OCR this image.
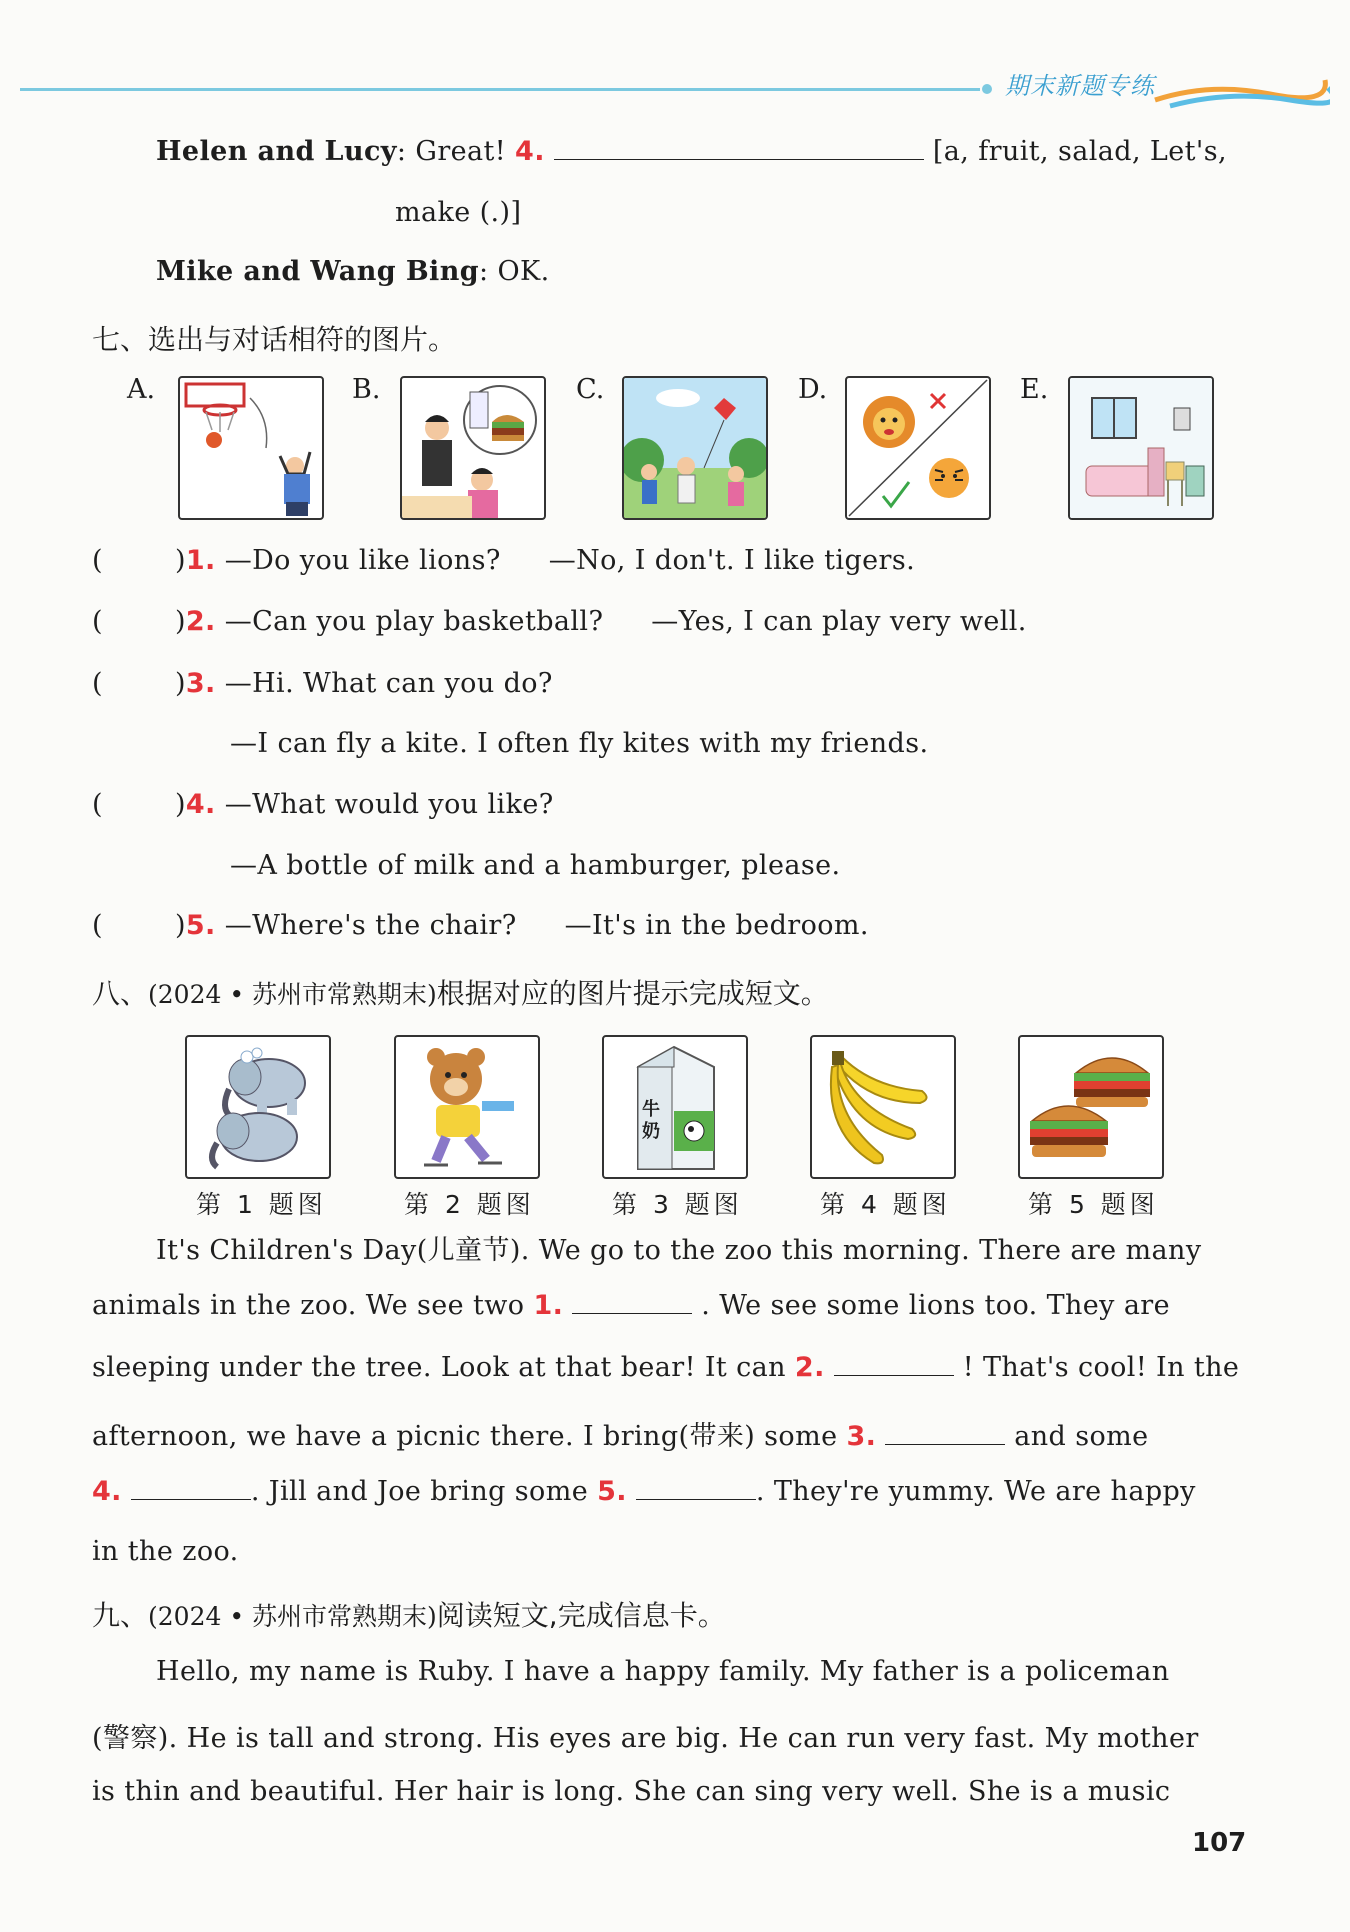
期末新题专练
Helen and Lucy: Great! 4.	[a, fruit, salad, Let's,
make (.)]
Mike and Wang Bing: OK.
七、选出与对话相符的图片。
A.	B.	C.	D.	E.
(	)1. —Do you like lions? —No, I don't. I like tigers.
(	)2. —Can you play basketball? —Yes, I can play very well.
(	)3. —Hi. What can you do?
—I can fly a kite. I often fly kites with my friends.
(	)4. —What would you like?
—A bottle of milk and a hamburger, please.
(	)5. —Where's the chair? —It's in the bedroom.
八、(2024 • 苏州市常熟期末)根据对应的图片提示完成短文。
牛奶
第 1 题图	第 2 题图	第 3 题图	第 4 题图	第 5 题图
It's Children's Day(儿童节). We go to the zoo this morning. There are many
animals in the zoo. We see two 1.	. We see some lions too. They are
sleeping under the tree. Look at that bear! It can 2.	! That's cool! In the
afternoon, we have a picnic there. I bring(带来) some 3.	and some
4.	. Jill and Joe bring some 5.	. They're yummy. We are happy
in the zoo.
九、(2024 • 苏州市常熟期末)阅读短文,完成信息卡。
Hello, my name is Ruby. I have a happy family. My father is a policeman
(警察). He is tall and strong. His eyes are big. He can run very fast. My mother
is thin and beautiful. Her hair is long. She can sing very well. She is a music
107
